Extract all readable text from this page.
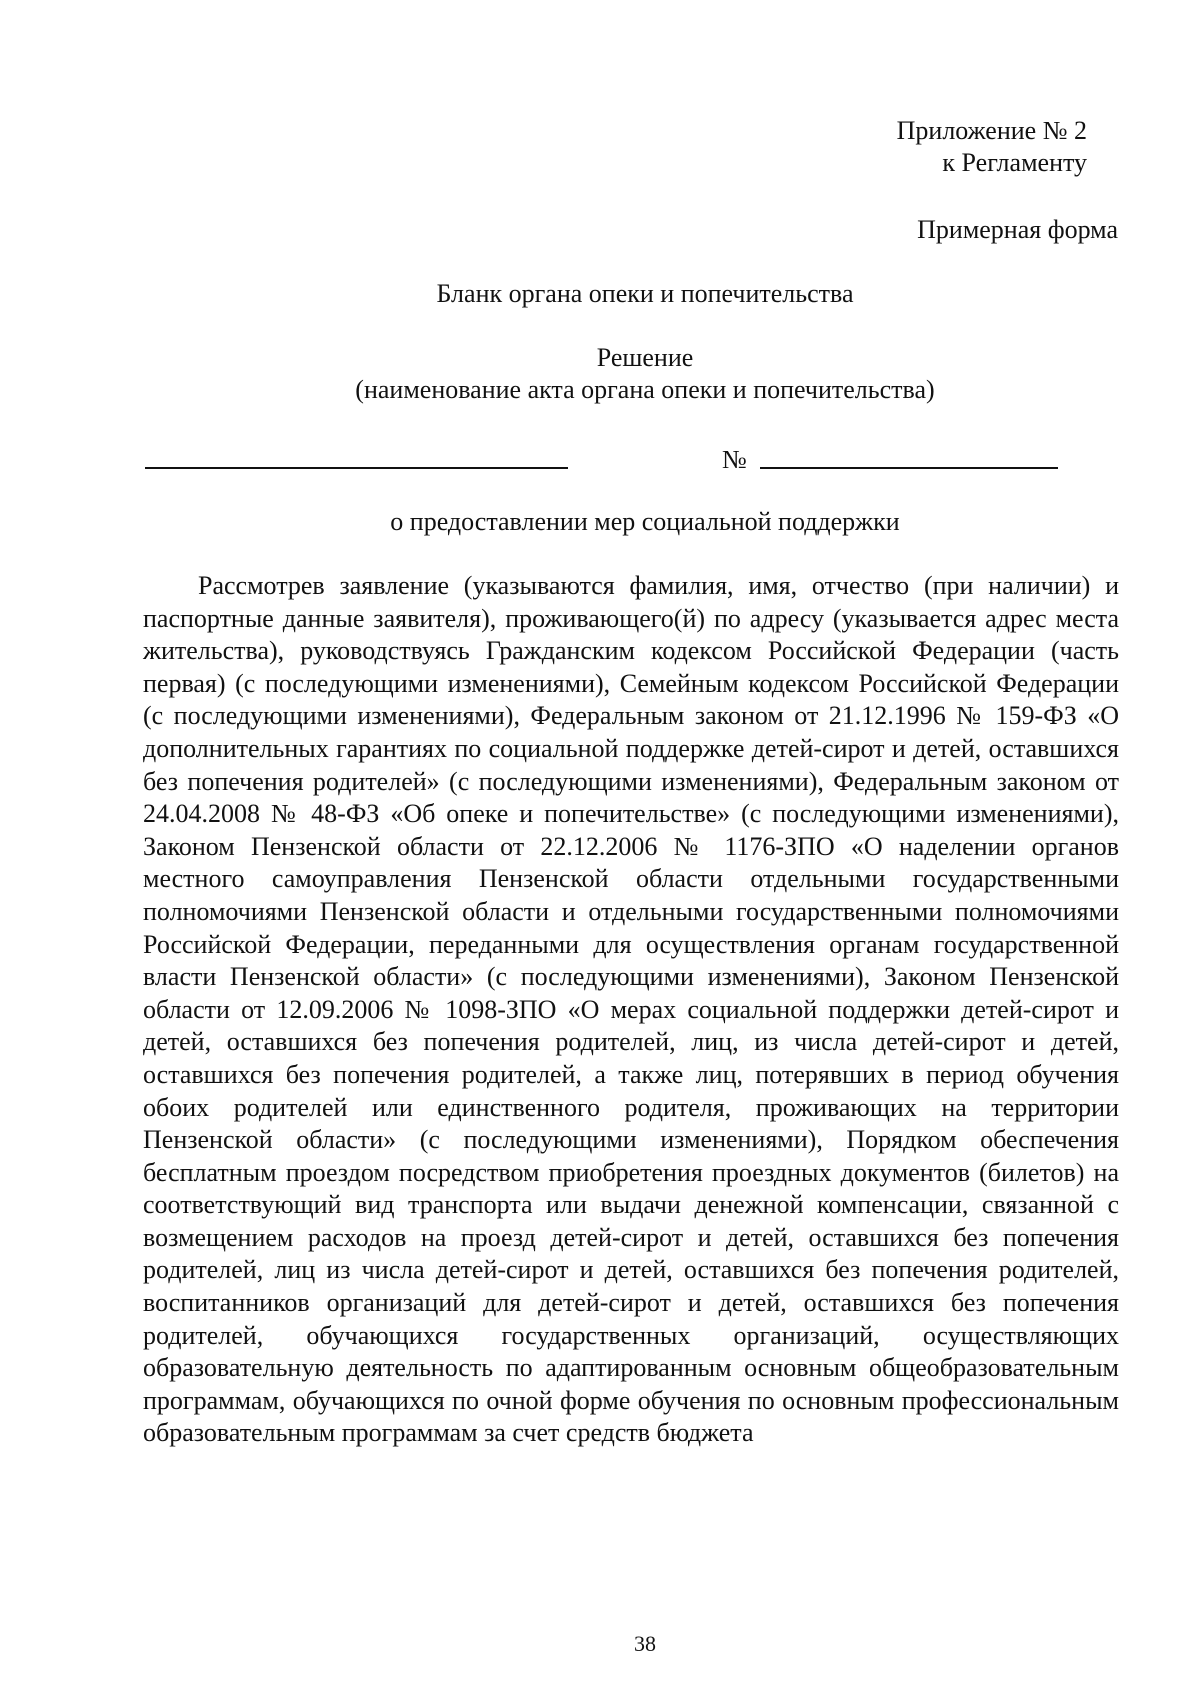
Приложение № 2
к Регламенту
Примерная форма
Бланк органа опеки и попечительства
Решение
(наименование акта органа опеки и попечительства)
№
о предоставлении мер социальной поддержки

Рассмотрев заявление (указываются фамилия, имя, отчество (при наличии) и паспортные данные заявителя), проживающего(й) по адресу (указывается адрес места жительства), руководствуясь Гражданским кодексом Российской Федерации (часть первая) (с последующими изменениями), Семейным кодексом Российской Федерации (с последующими изменениями), Федеральным законом от 21.12.1996 № 159-ФЗ «О дополнительных гарантиях по социальной поддержке детей-сирот и детей, оставшихся без попечения родителей» (с последующими изменениями), Федеральным законом от 24.04.2008 № 48-ФЗ «Об опеке и попечительстве» (с последующими изменениями), Законом Пензенской области от 22.12.2006 № 1176-ЗПО «О наделении органов местного самоуправления Пензенской области отдельными государственными полномочиями Пензенской области и отдельными государственными полномочиями Российской Федерации, переданными для осуществления органам государственной власти Пензенской области» (с последующими изменениями), Законом Пензенской области от 12.09.2006 № 1098-ЗПО «О мерах социальной поддержки детей-сирот и детей, оставшихся без попечения родителей, лиц, из числа детей-сирот и детей, оставшихся без попечения родителей, а также лиц, потерявших в период обучения обоих родителей или единственного родителя, проживающих на территории Пензенской области» (с последующими изменениями), Порядком обеспечения бесплатным проездом посредством приобретения проездных документов (билетов) на соответствующий вид транспорта или выдачи денежной компенсации, связанной с возмещением расходов на проезд детей-сирот и детей, оставшихся без попечения родителей, лиц из числа детей-сирот и детей, оставшихся без попечения родителей, воспитанников организаций для детей-сирот и детей, оставшихся без попечения родителей, обучающихся государственных организаций, осуществляющих образовательную деятельность по адаптированным основным общеобразовательным программам, обучающихся по очной форме обучения по основным профессиональным образовательным программам за счет средств бюджета

38
